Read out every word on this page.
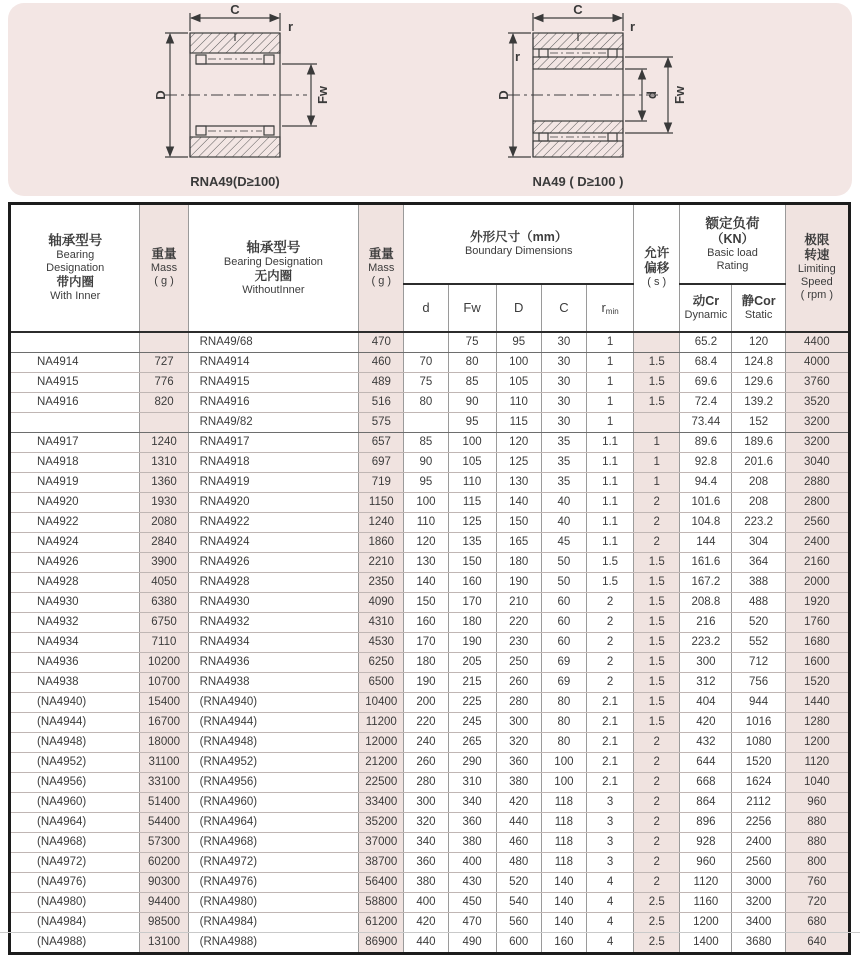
C
r
D	Fw
RNA49(D≥100)
C
r
r
D	d Fw
NA49 ( D≥100 )
轴承型号
Bearing
Designation
带内圈
With Inner	重量
Mass
( g )	轴承型号
Bearing Designation
无内圈
WithoutInner	重量
Mass
( g )	外形尺寸（mm）
Boundary Dimensions					允许
偏移
( s )	额定负荷
（KN）
Basic load
Rating		极限
转速
Limiting
Speed
( rpm )

				d	Fw	D	C	rmin		动Cr
Dynamic	静Cor
Static	

		RNA49/68	470		75	95	30	1		65.2	120	4400
NA4914	727	RNA4914	460	70	80	100	30	1	1.5	68.4	124.8	4000
NA4915	776	RNA4915	489	75	85	105	30	1	1.5	69.6	129.6	3760
NA4916	820	RNA4916	516	80	90	110	30	1	1.5	72.4	139.2	3520
		RNA49/82	575		95	115	30	1		73.44	152	3200
NA4917	1240	RNA4917	657	85	100	120	35	1.1	1	89.6	189.6	3200
NA4918	1310	RNA4918	697	90	105	125	35	1.1	1	92.8	201.6	3040
NA4919	1360	RNA4919	719	95	110	130	35	1.1	1	94.4	208	2880
NA4920	1930	RNA4920	1150	100	115	140	40	1.1	2	101.6	208	2800
NA4922	2080	RNA4922	1240	110	125	150	40	1.1	2	104.8	223.2	2560
NA4924	2840	RNA4924	1860	120	135	165	45	1.1	2	144	304	2400
NA4926	3900	RNA4926	2210	130	150	180	50	1.5	1.5	161.6	364	2160
NA4928	4050	RNA4928	2350	140	160	190	50	1.5	1.5	167.2	388	2000
NA4930	6380	RNA4930	4090	150	170	210	60	2	1.5	208.8	488	1920
NA4932	6750	RNA4932	4310	160	180	220	60	2	1.5	216	520	1760
NA4934	7110	RNA4934	4530	170	190	230	60	2	1.5	223.2	552	1680
NA4936	10200	RNA4936	6250	180	205	250	69	2	1.5	300	712	1600
NA4938	10700	RNA4938	6500	190	215	260	69	2	1.5	312	756	1520
(NA4940)	15400	(RNA4940)	10400	200	225	280	80	2.1	1.5	404	944	1440
(NA4944)	16700	(RNA4944)	11200	220	245	300	80	2.1	1.5	420	1016	1280
(NA4948)	18000	(RNA4948)	12000	240	265	320	80	2.1	2	432	1080	1200
(NA4952)	31100	(RNA4952)	21200	260	290	360	100	2.1	2	644	1520	1120
(NA4956)	33100	(RNA4956)	22500	280	310	380	100	2.1	2	668	1624	1040
(NA4960)	51400	(RNA4960)	33400	300	340	420	118	3	2	864	2112	960
(NA4964)	54400	(RNA4964)	35200	320	360	440	118	3	2	896	2256	880
(NA4968)	57300	(RNA4968)	37000	340	380	460	118	3	2	928	2400	880
(NA4972)	60200	(RNA4972)	38700	360	400	480	118	3	2	960	2560	800
(NA4976)	90300	(RNA4976)	56400	380	430	520	140	4	2	1120	3000	760
(NA4980)	94400	(RNA4980)	58800	400	450	540	140	4	2.5	1160	3200	720
(NA4984)	98500	(RNA4984)	61200	420	470	560	140	4	2.5	1200	3400	680
(NA4988)	13100	(RNA4988)	86900	440	490	600	160	4	2.5	1400	3680	640
